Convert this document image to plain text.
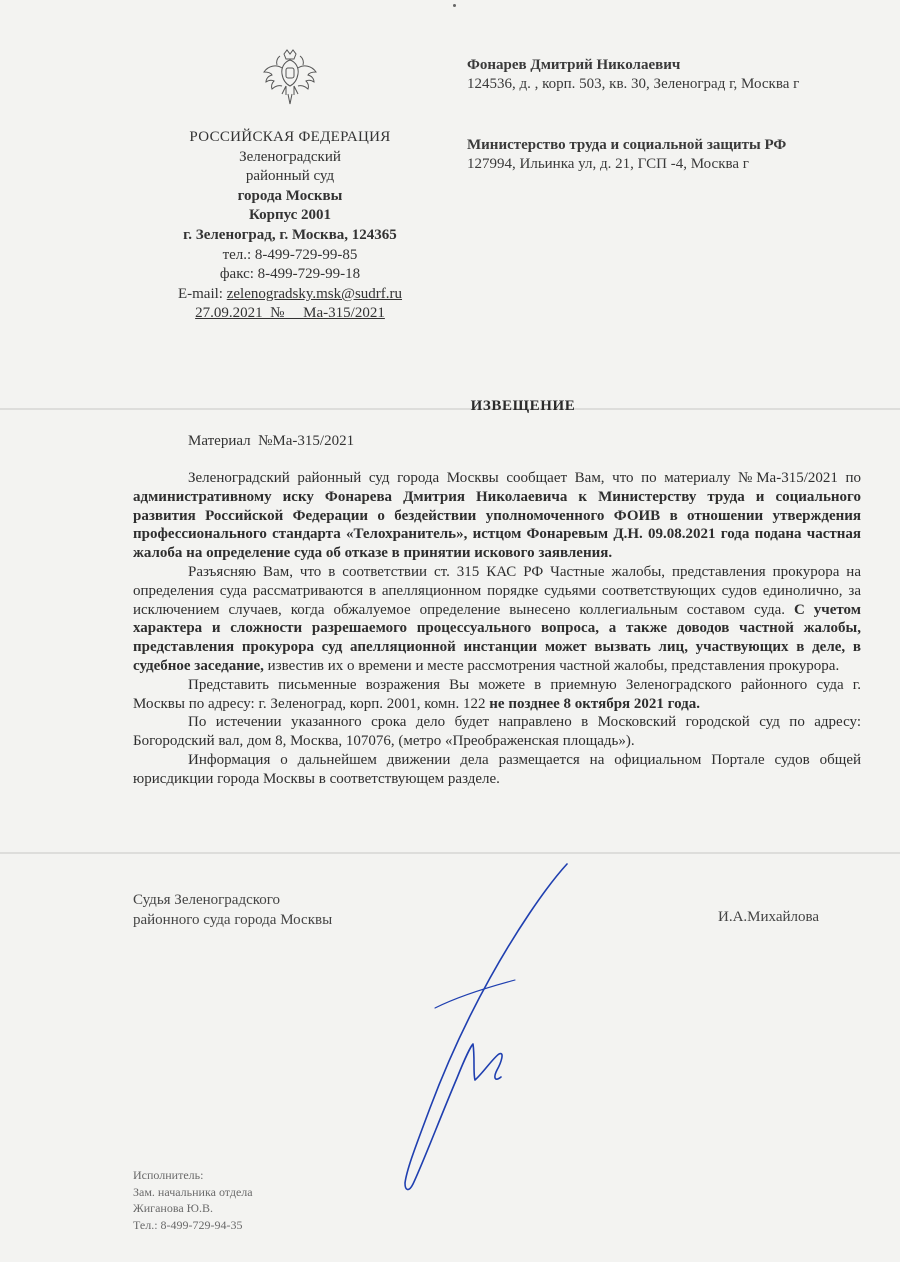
РОССИЙСКАЯ ФЕДЕРАЦИЯ
Зеленоградский
районный суд
города Москвы
Корпус 2001
г. Зеленоград, г. Москва, 124365
тел.: 8-499-729-99-85
факс: 8-499-729-99-18
E-mail: zelenogradsky.msk@sudrf.ru
27.09.2021  №     Ма-315/2021
Фонарев Дмитрий Николаевич
124536, д. , корп. 503, кв. 30, Зеленоград г, Москва г
Министерство труда и социальной защиты РФ
127994, Ильинка ул, д. 21, ГСП -4, Москва г
ИЗВЕЩЕНИЕ
Материал  №Ма-315/2021

Зеленоградский районный суд города Москвы сообщает Вам, что по материалу №Ма-315/2021 по административному иску Фонарева Дмитрия Николаевича к Министерству труда и социального развития Российской Федерации о бездействии уполномоченного ФОИВ в отношении утверждения профессионального стандарта «Телохранитель», истцом Фонаревым Д.Н. 09.08.2021 года подана частная жалоба на определение суда об отказе в принятии искового заявления.

Разъясняю Вам, что в соответствии ст. 315 КАС РФ Частные жалобы, представления прокурора на определения суда рассматриваются в апелляционном порядке судьями соответствующих судов единолично, за исключением случаев, когда обжалуемое определение вынесено коллегиальным составом суда. С учетом характера и сложности разрешаемого процессуального вопроса, а также доводов частной жалобы, представления прокурора суд апелляционной инстанции может вызвать лиц, участвующих в деле, в судебное заседание, известив их о времени и месте рассмотрения частной жалобы, представления прокурора.

Представить письменные возражения Вы можете в приемную Зеленоградского районного суда г. Москвы по адресу: г. Зеленоград, корп. 2001, комн. 122 не позднее 8 октября 2021 года.

По истечении указанного срока дело будет направлено в Московский городской суд по адресу: Богородский вал, дом 8, Москва, 107076, (метро «Преображенская площадь»).

Информация о дальнейшем движении дела размещается на официальном Портале судов общей юрисдикции города Москвы в соответствующем разделе.

Судья Зеленоградского
районного суда города Москвы	И.А.Михайлова
Исполнитель:
Зам. начальника отдела
Жиганова Ю.В.
Тел.: 8-499-729-94-35
